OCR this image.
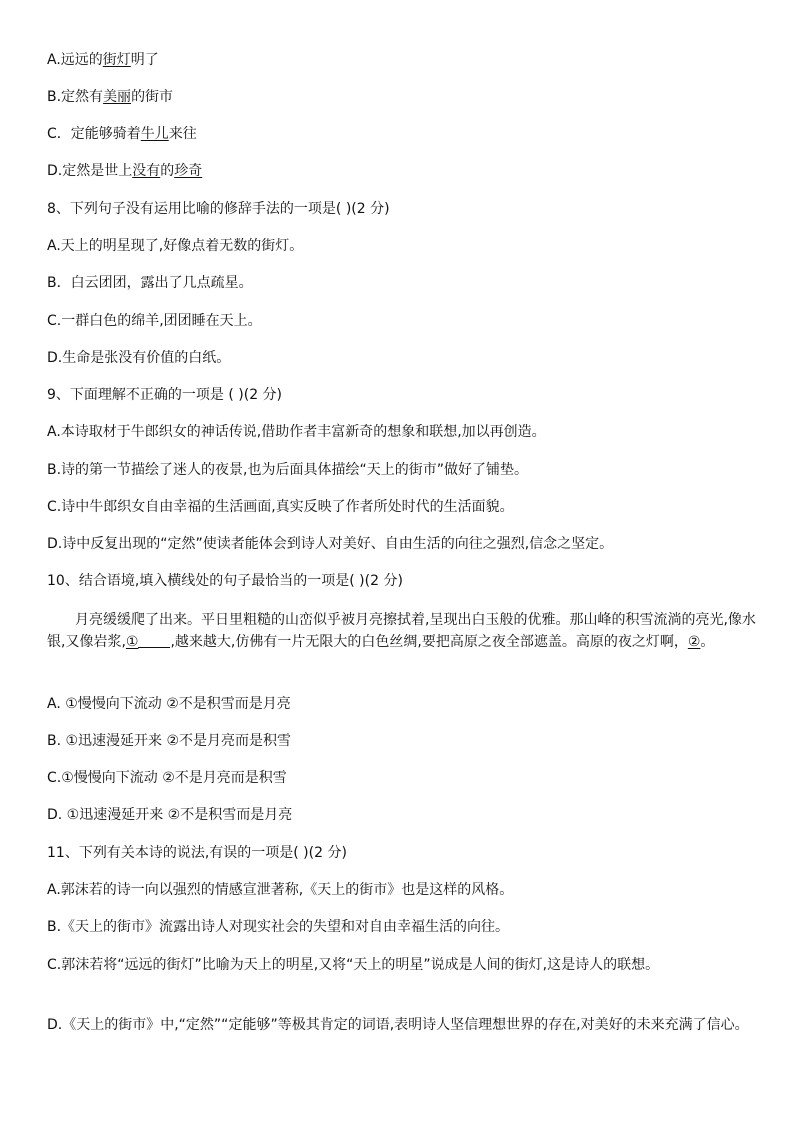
A.远远的街灯明了
B.定然有美丽的街市
C．定能够骑着牛儿来往
D.定然是世上没有的珍奇
8、下列句子没有运用比喻的修辞手法的一项是( )(2 分)
A.天上的明星现了,好像点着无数的街灯。
B．白云团团，露出了几点疏星。
C.一群白色的绵羊,团团睡在天上。
D.生命是张没有价值的白纸。
9、下面理解不正确的一项是 ( )(2 分)
A.本诗取材于牛郎织女的神话传说,借助作者丰富新奇的想象和联想,加以再创造。
B.诗的第一节描绘了迷人的夜景,也为后面具体描绘“天上的街市”做好了铺垫。
C.诗中牛郎织女自由幸福的生活画面,真实反映了作者所处时代的生活面貌。
D.诗中反复出现的“定然”使读者能体会到诗人对美好、自由生活的向往之强烈,信念之坚定。
10、结合语境,填入横线处的句子最恰当的一项是( )(2 分)
月亮缓缓爬了出来。平日里粗糙的山峦似乎被月亮擦拭着,呈现出白玉般的优雅。那山峰的积雪流淌的亮光,像水银,又像岩浆,① ,越来越大,仿佛有一片无限大的白色丝绸,要把高原之夜全部遮盖。高原的夜之灯啊，②。
A. ①慢慢向下流动 ②不是积雪而是月亮
B. ①迅速漫延开来 ②不是月亮而是积雪
C.①慢慢向下流动 ②不是月亮而是积雪
D. ①迅速漫延开来 ②不是积雪而是月亮
11、下列有关本诗的说法,有误的一项是( )(2 分)
A.郭沫若的诗一向以强烈的情感宣泄著称,《天上的街市》也是这样的风格。
B.《天上的街市》流露出诗人对现实社会的失望和对自由幸福生活的向往。
C.郭沫若将“远远的街灯”比喻为天上的明星,又将“天上的明星”说成是人间的街灯,这是诗人的联想。
D.《天上的街市》中,“定然”“定能够”等极其肯定的词语,表明诗人坚信理想世界的存在,对美好的未来充满了信心。
